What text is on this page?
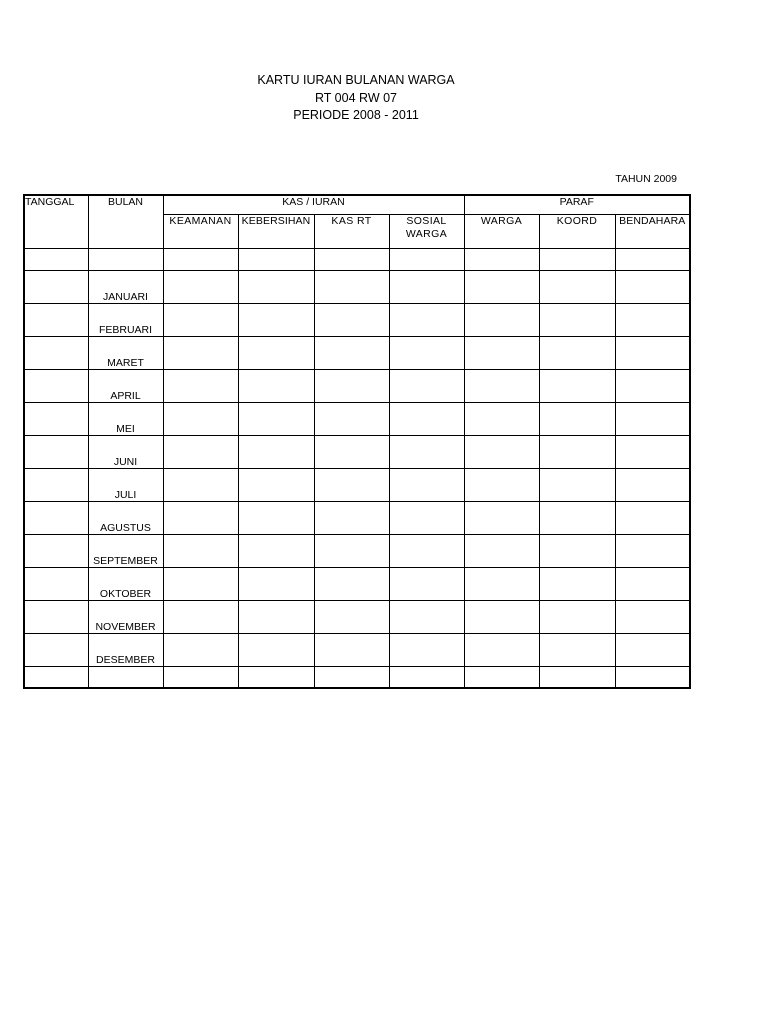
KARTU IURAN BULANAN WARGA
RT 004 RW 07
PERIODE 2008 - 2011
TAHUN 2009
TANGGAL	BULAN	KAS / IURAN				PARAF		
		KEAMANAN	KEBERSIHAN	KAS RT	SOSIAL WARGA	WARGA	KOORD	BENDAHARA

	JANUARI							
	FEBRUARI							
	MARET							
	APRIL							
	MEI							
	JUNI							
	JULI							
	AGUSTUS							
	SEPTEMBER							
	OKTOBER							
	NOVEMBER							
	DESEMBER							
